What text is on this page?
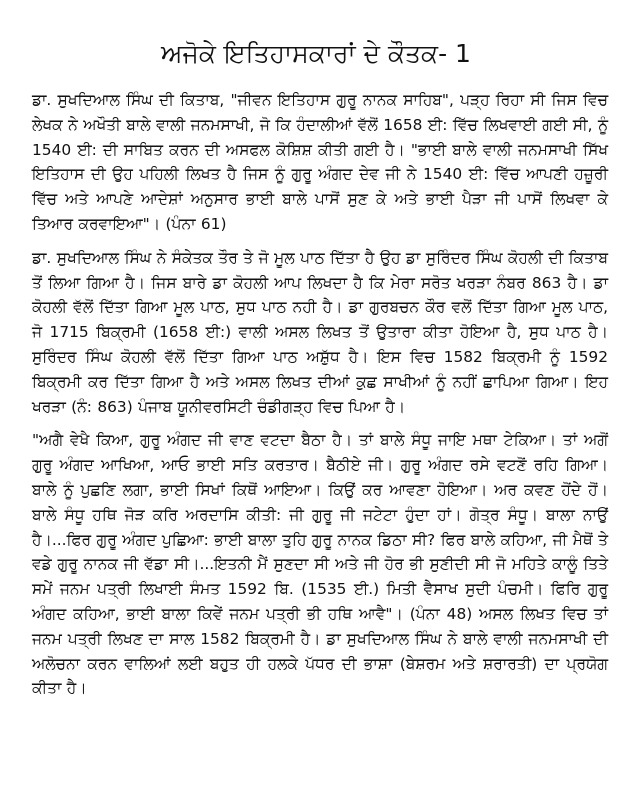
ਅਜੋਕੇ ਇਤਿਹਾਸਕਾਰਾਂ ਦੇ ਕੌਤਕ- 1

ਡਾ. ਸੁਖਦਿਆਲ ਸਿੰਘ ਦੀ ਕਿਤਾਬ, "ਜੀਵਨ ਇਤਿਹਾਸ ਗੁਰੂ ਨਾਨਕ ਸਾਹਿਬ", ਪੜ੍ਹ ਰਿਹਾ ਸੀ ਜਿਸ ਵਿਚ ਲੇਖਕ ਨੇ ਅਖੌਤੀ ਬਾਲੇ ਵਾਲੀ ਜਨਮਸਾਖੀ, ਜੋ ਕਿ ਹੰਦਾਲੀਆਂ ਵੱਲੋਂ 1658 ਈ: ਵਿੱਚ ਲਿਖਵਾਈ ਗਈ ਸੀ, ਨੂੰ 1540 ਈ: ਦੀ ਸਾਬਿਤ ਕਰਨ ਦੀ ਅਸਫਲ ਕੋਸ਼ਿਸ਼ ਕੀਤੀ ਗਈ ਹੈ। "ਭਾਈ ਬਾਲੇ ਵਾਲੀ ਜਨਮਸਾਖੀ ਸਿੱਖ ਇਤਿਹਾਸ ਦੀ ਉਹ ਪਹਿਲੀ ਲਿਖਤ ਹੈ ਜਿਸ ਨੂੰ ਗੁਰੂ ਅੰਗਦ ਦੇਵ ਜੀ ਨੇ 1540 ਈ: ਵਿੱਚ ਆਪਣੀ ਹਜ਼ੂਰੀ ਵਿੱਚ ਅਤੇ ਆਪਣੇ ਆਦੇਸ਼ਾਂ ਅਨੁਸਾਰ ਭਾਈ ਬਾਲੇ ਪਾਸੋਂ ਸੁਣ ਕੇ ਅਤੇ ਭਾਈ ਪੈੜਾ ਜੀ ਪਾਸੋਂ ਲਿਖਵਾ ਕੇ ਤਿਆਰ ਕਰਵਾਇਆ"। (ਪੰਨਾ 61)

ਡਾ. ਸੁਖਦਿਆਲ ਸਿੰਘ ਨੇ ਸੰਕੇਤਕ ਤੌਰ ਤੇ ਜੋ ਮੂਲ ਪਾਠ ਦਿੱਤਾ ਹੈ ਉਹ ਡਾ ਸੁਰਿੰਦਰ ਸਿੰਘ ਕੋਹਲੀ ਦੀ ਕਿਤਾਬ ਤੋਂ ਲਿਆ ਗਿਆ ਹੈ। ਜਿਸ ਬਾਰੇ ਡਾ ਕੋਹਲੀ ਆਪ ਲਿਖਦਾ ਹੈ ਕਿ ਮੇਰਾ ਸਰੋਤ ਖਰੜਾ ਨੰਬਰ 863 ਹੈ। ਡਾ ਕੋਹਲੀ ਵੱਲੋਂ ਦਿੱਤਾ ਗਿਆ ਮੂਲ ਪਾਠ, ਸੁਧ ਪਾਠ ਨਹੀ ਹੈ। ਡਾ ਗੁਰਬਚਨ ਕੌਰ ਵਲੋਂ ਦਿੱਤਾ ਗਿਆ ਮੂਲ ਪਾਠ, ਜੋ 1715 ਬਿਕ੍ਰਮੀ (1658 ਈ:) ਵਾਲੀ ਅਸਲ ਲਿਖਤ ਤੋਂ ਉਤਾਰਾ ਕੀਤਾ ਹੋਇਆ ਹੈ, ਸੁਧ ਪਾਠ ਹੈ। ਸੁਰਿੰਦਰ ਸਿੰਘ ਕੋਹਲੀ ਵੱਲੋਂ ਦਿੱਤਾ ਗਿਆ ਪਾਠ ਅਸ਼ੁੱਧ ਹੈ। ਇਸ ਵਿਚ 1582 ਬਿਕ੍ਰਮੀ ਨੂੰ 1592 ਬਿਕ੍ਰਮੀ ਕਰ ਦਿੱਤਾ ਗਿਆ ਹੈ ਅਤੇ ਅਸਲ ਲਿਖਤ ਦੀਆਂ ਕੁਛ ਸਾਖੀਆਂ ਨੂੰ ਨਹੀਂ ਛਾਪਿਆ ਗਿਆ। ਇਹ ਖਰੜਾ (ਨੰ: 863) ਪੰਜਾਬ ਯੂਨੀਵਰਸਿਟੀ ਚੰਡੀਗੜ੍ਹ ਵਿਚ ਪਿਆ ਹੈ।

"ਅਗੈ ਵੇਖੈ ਕਿਆ, ਗੁਰੂ ਅੰਗਦ ਜੀ ਵਾਣ ਵਟਦਾ ਬੈਠਾ ਹੈ। ਤਾਂ ਬਾਲੇ ਸੰਧੂ ਜਾਇ ਮਥਾ ਟੇਕਿਆ। ਤਾਂ ਅਗੋਂ ਗੁਰੂ ਅੰਗਦ ਆਖਿਆ, ਆਓ ਭਾਈ ਸਤਿ ਕਰਤਾਰ। ਬੈਠੀਏ ਜੀ। ਗੁਰੂ ਅੰਗਦ ਰਸੇ ਵਟਣੋਂ ਰਹਿ ਗਿਆ। ਬਾਲੇ ਨੂੰ ਪੁਛਣਿ ਲਗਾ, ਭਾਈ ਸਿਖਾਂ ਕਿਥੋਂ ਆਇਆ। ਕਿਉਂ ਕਰ ਆਵਣਾ ਹੋਇਆ। ਅਰ ਕਵਣ ਹੋਂਦੇ ਹੋਂ। ਬਾਲੇ ਸੰਧੂ ਹਥਿ ਜੋੜ ਕਰਿ ਅਰਦਾਸਿ ਕੀਤੀ: ਜੀ ਗੁਰੂ ਜੀ ਜਟੇਟਾ ਹੁੰਦਾ ਹਾਂ। ਗੋਤ੍ਰ ਸੰਧੂ। ਬਾਲਾ ਨਾਉਂ ਹੈ।...ਫਿਰ ਗੁਰੂ ਅੰਗਦ ਪੁਛਿਆ: ਭਾਈ ਬਾਲਾ ਤੁਹਿ ਗੁਰੂ ਨਾਨਕ ਡਿਠਾ ਸੀ? ਫਿਰ ਬਾਲੇ ਕਹਿਆ, ਜੀ ਮੈਥੋਂ ਤੇ ਵਡੇ ਗੁਰੂ ਨਾਨਕ ਜੀ ਵੱਡਾ ਸੀ।...ਇਤਨੀ ਮੈਂ ਸੁਣਦਾ ਸੀ ਅਤੇ ਜੀ ਹੋਰ ਭੀ ਸੁਣੀਦੀ ਸੀ ਜੋ ਮਹਿਤੇ ਕਾਲੂੰ ਤਿਤੇ ਸਮੇਂ ਜਨਮ ਪਤ੍ਰੀ ਲਿਖਾਈ ਸੰਮਤ 1592 ਬਿ. (1535 ਈ.) ਮਿਤੀ ਵੈਸਾਖ ਸੁਦੀ ਪੰਚਮੀ। ਫਿਰਿ ਗੁਰੂ ਅੰਗਦ ਕਹਿਆ, ਭਾਈ ਬਾਲਾ ਕਿਵੇਂ ਜਨਮ ਪਤ੍ਰੀ ਭੀ ਹਥਿ ਆਵੈ"। (ਪੰਨਾ 48) ਅਸਲ ਲਿਖਤ ਵਿਚ ਤਾਂ ਜਨਮ ਪਤ੍ਰੀ ਲਿਖਣ ਦਾ ਸਾਲ 1582 ਬਿਕ੍ਰਮੀ ਹੈ। ਡਾ ਸੁਖਦਿਆਲ ਸਿੰਘ ਨੇ ਬਾਲੇ ਵਾਲੀ ਜਨਮਸਾਖੀ ਦੀ ਅਲੋਚਨਾ ਕਰਨ ਵਾਲਿਆਂ ਲਈ ਬਹੁਤ ਹੀ ਹਲਕੇ ਪੱਧਰ ਦੀ ਭਾਸ਼ਾ (ਬੇਸ਼ਰਮ ਅਤੇ ਸ਼ਰਾਰਤੀ) ਦਾ ਪ੍ਰਯੋਗ ਕੀਤਾ ਹੈ।
